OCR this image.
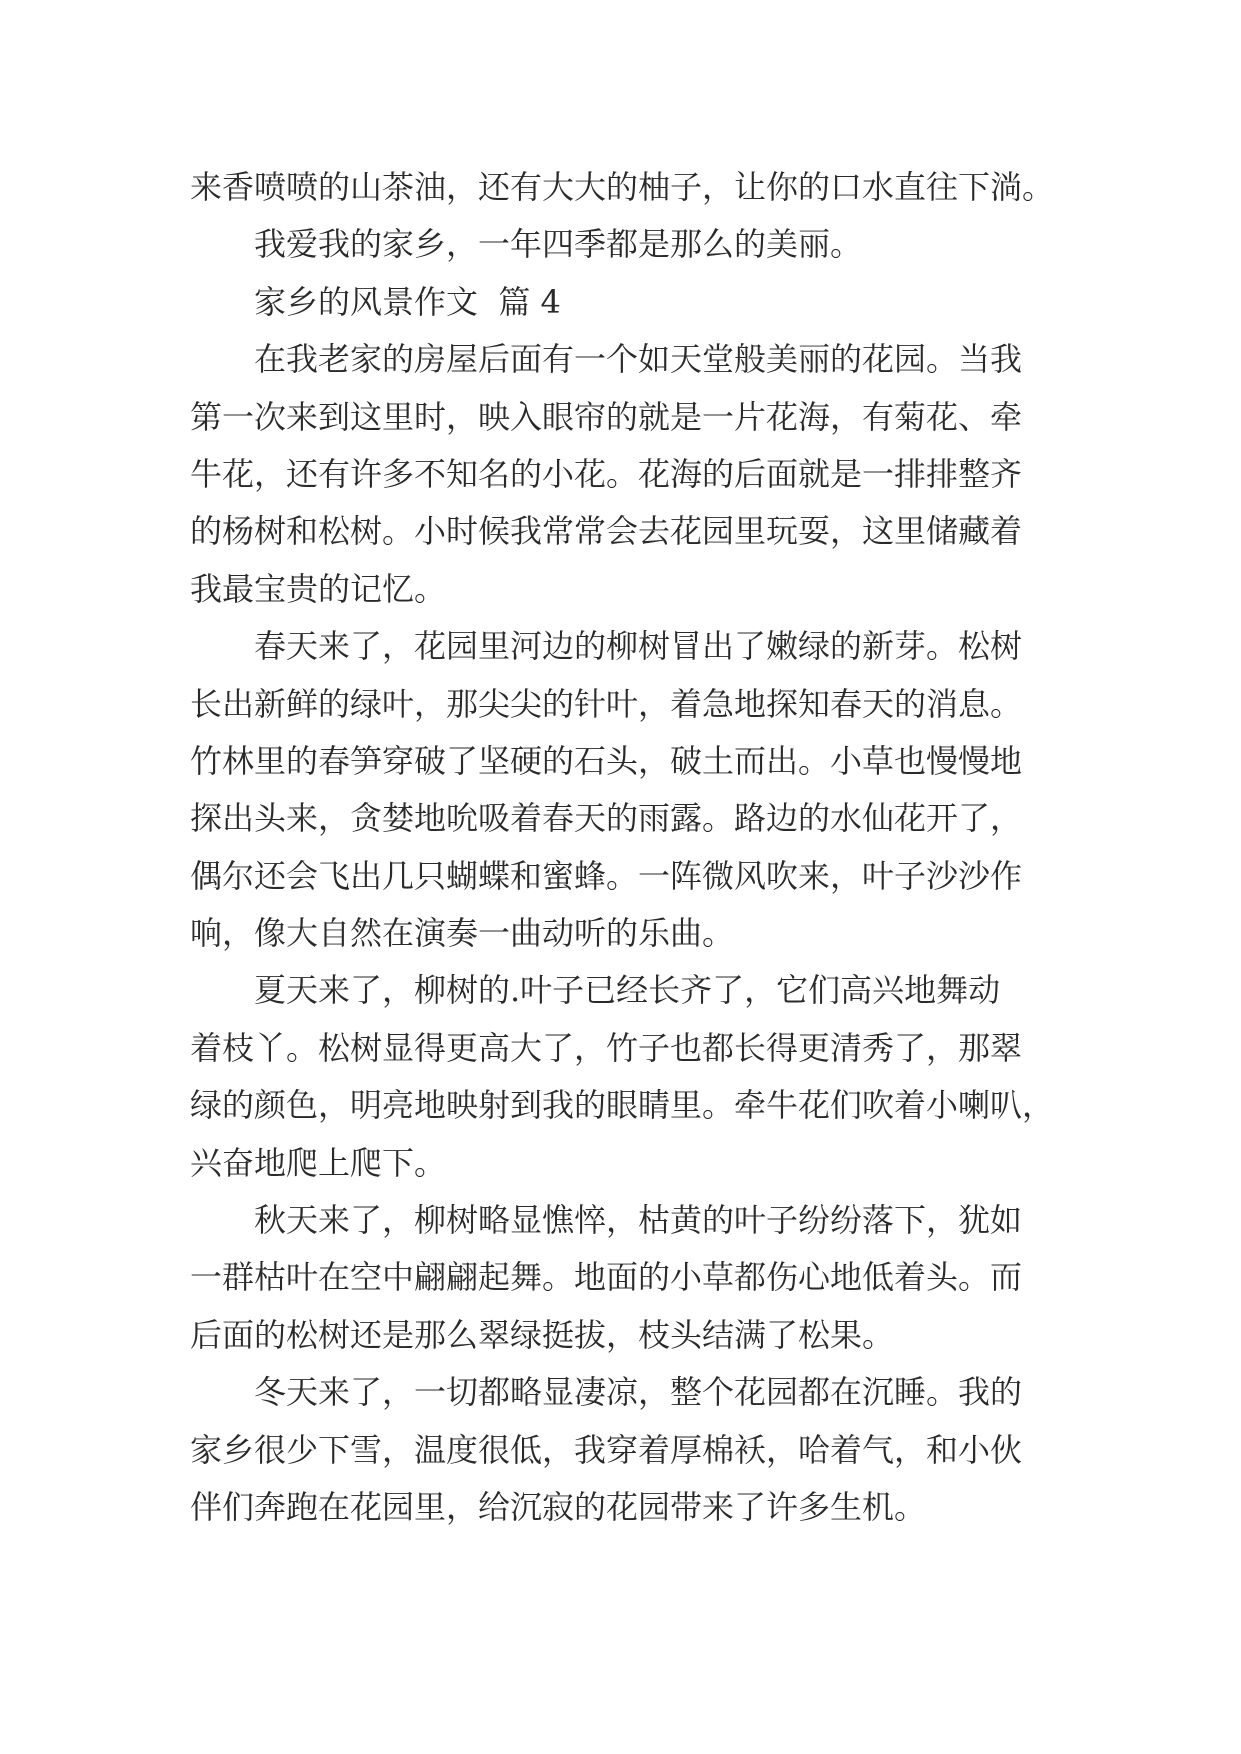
来香喷喷的山茶油，还有大大的柚子，让你的口水直往下淌。
我爱我的家乡，一年四季都是那么的美丽。
家乡的风景作文  篇 4
在我老家的房屋后面有一个如天堂般美丽的花园。当我
第一次来到这里时，映入眼帘的就是一片花海，有菊花、牵
牛花，还有许多不知名的小花。花海的后面就是一排排整齐
的杨树和松树。小时候我常常会去花园里玩耍，这里储藏着
我最宝贵的记忆。
春天来了，花园里河边的柳树冒出了嫩绿的新芽。松树
长出新鲜的绿叶，那尖尖的针叶，着急地探知春天的消息。
竹林里的春笋穿破了坚硬的石头，破土而出。小草也慢慢地
探出头来，贪婪地吮吸着春天的雨露。路边的水仙花开了，
偶尔还会飞出几只蝴蝶和蜜蜂。一阵微风吹来，叶子沙沙作
响，像大自然在演奏一曲动听的乐曲。
夏天来了，柳树的.叶子已经长齐了，它们高兴地舞动
着枝丫。松树显得更高大了，竹子也都长得更清秀了，那翠
绿的颜色，明亮地映射到我的眼睛里。牵牛花们吹着小喇叭，
兴奋地爬上爬下。
秋天来了，柳树略显憔悴，枯黄的叶子纷纷落下，犹如
一群枯叶在空中翩翩起舞。地面的小草都伤心地低着头。而
后面的松树还是那么翠绿挺拔，枝头结满了松果。
冬天来了，一切都略显凄凉，整个花园都在沉睡。我的
家乡很少下雪，温度很低，我穿着厚棉袄，哈着气，和小伙
伴们奔跑在花园里，给沉寂的花园带来了许多生机。
